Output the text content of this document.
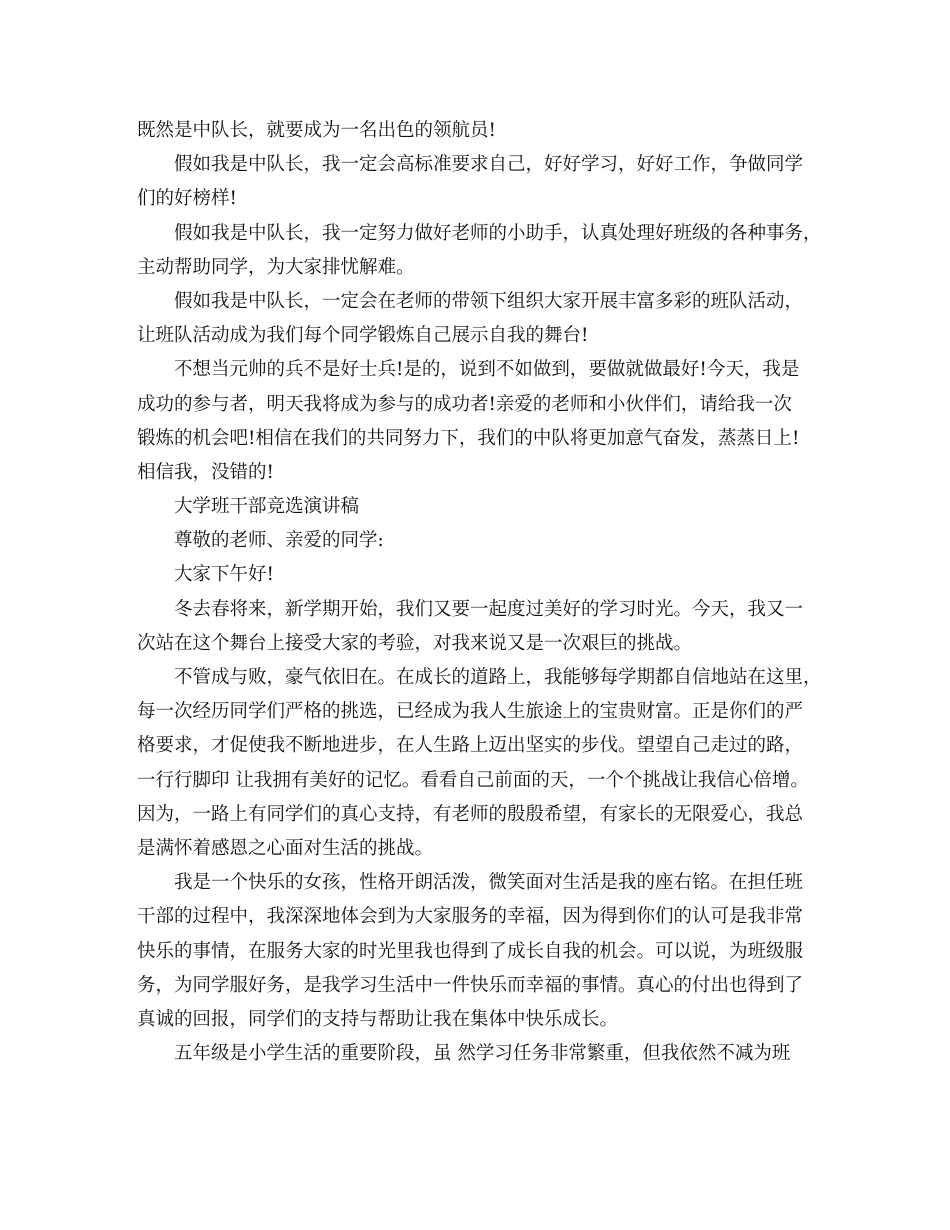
既然是中队长，就要成为一名出色的领航员!
假如我是中队长，我一定会高标准要求自己，好好学习，好好工作，争做同学
们的好榜样!
假如我是中队长，我一定努力做好老师的小助手，认真处理好班级的各种事务，
主动帮助同学，为大家排忧解难。
假如我是中队长，一定会在老师的带领下组织大家开展丰富多彩的班队活动，
让班队活动成为我们每个同学锻炼自己展示自我的舞台!
不想当元帅的兵不是好士兵!是的，说到不如做到，要做就做最好!今天，我是
成功的参与者，明天我将成为参与的成功者!亲爱的老师和小伙伴们，请给我一次
锻炼的机会吧!相信在我们的共同努力下，我们的中队将更加意气奋发，蒸蒸日上!
相信我，没错的!
大学班干部竞选演讲稿
尊敬的老师、亲爱的同学:
大家下午好!
冬去春将来，新学期开始，我们又要一起度过美好的学习时光。今天，我又一
次站在这个舞台上接受大家的考验，对我来说又是一次艰巨的挑战。
不管成与败，豪气依旧在。在成长的道路上，我能够每学期都自信地站在这里，
每一次经历同学们严格的挑选，已经成为我人生旅途上的宝贵财富。正是你们的严
格要求，才促使我不断地进步，在人生路上迈出坚实的步伐。望望自己走过的路，
一行行脚印 让我拥有美好的记忆。看看自己前面的天，一个个挑战让我信心倍增。
因为，一路上有同学们的真心支持，有老师的殷殷希望，有家长的无限爱心，我总
是满怀着感恩之心面对生活的挑战。
我是一个快乐的女孩，性格开朗活泼，微笑面对生活是我的座右铭。在担任班
干部的过程中，我深深地体会到为大家服务的幸福，因为得到你们的认可是我非常
快乐的事情，在服务大家的时光里我也得到了成长自我的机会。可以说，为班级服
务，为同学服好务，是我学习生活中一件快乐而幸福的事情。真心的付出也得到了
真诚的回报，同学们的支持与帮助让我在集体中快乐成长。
五年级是小学生活的重要阶段，虽 然学习任务非常繁重，但我依然不减为班
